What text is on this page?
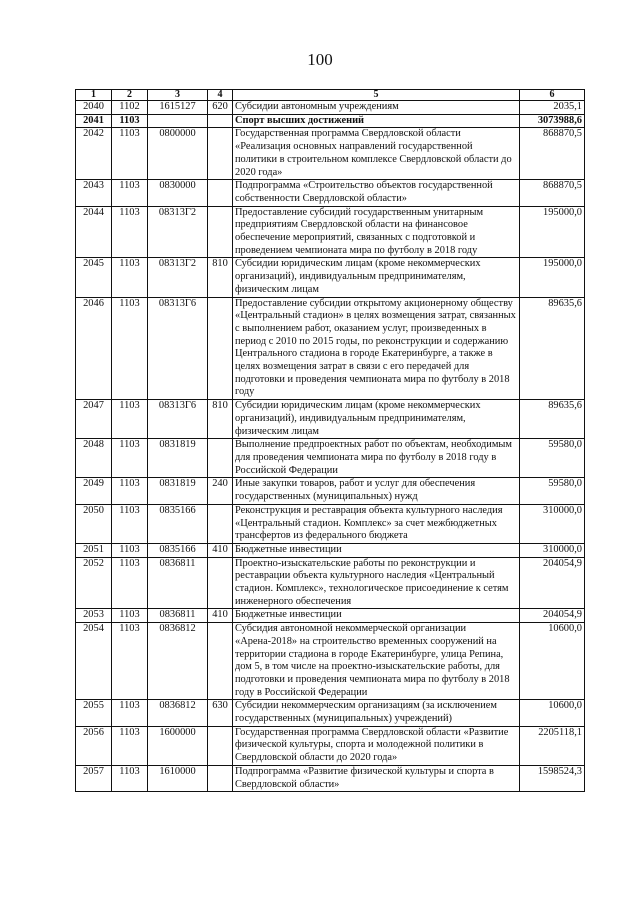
100
1	2	3	4	5	6
2040	1102	1615127	620	Субсидии автономным учреждениям	2035,1
2041	1103			Спорт высших достижений	3073988,6
2042	1103	0800000		Государственная программа Свердловской области «Реализация основных направлений государственной политики в строительном комплексе Свердловской области до 2020 года»	868870,5
2043	1103	0830000		Подпрограмма «Строительство объектов государственной собственности Свердловской области»	868870,5
2044	1103	08313Г2		Предоставление субсидий государственным унитарным предприятиям Свердловской области на финансовое обеспечение мероприятий, связанных с подготовкой и проведением чемпионата мира по футболу в 2018 году	195000,0
2045	1103	08313Г2	810	Субсидии юридическим лицам (кроме некоммерческих организаций), индивидуальным предпринимателям, физическим лицам	195000,0
2046	1103	08313Г6		Предоставление субсидии открытому акционерному обществу «Центральный стадион» в целях возмещения затрат, связанных с выполнением работ, оказанием услуг, произведенных в период с 2010 по 2015 годы, по реконструкции и содержанию Центрального стадиона в городе Екатеринбурге, а также в целях возмещения затрат в связи с его передачей для подготовки и проведения чемпионата мира по футболу в 2018 году	89635,6
2047	1103	08313Г6	810	Субсидии юридическим лицам (кроме некоммерческих организаций), индивидуальным предпринимателям, физическим лицам	89635,6
2048	1103	0831819		Выполнение предпроектных работ по объектам, необходимым для проведения чемпионата мира по футболу в 2018 году в Российской Федерации	59580,0
2049	1103	0831819	240	Иные закупки товаров, работ и услуг для обеспечения государственных (муниципальных) нужд	59580,0
2050	1103	0835166		Реконструкция и реставрация объекта культурного наследия «Центральный стадион. Комплекс» за счет межбюджетных трансфертов из федерального бюджета	310000,0
2051	1103	0835166	410	Бюджетные инвестиции	310000,0
2052	1103	0836811		Проектно-изыскательские работы по реконструкции и реставрации объекта культурного наследия «Центральный стадион. Комплекс», технологическое присоединение к сетям инженерного обеспечения	204054,9
2053	1103	0836811	410	Бюджетные инвестиции	204054,9
2054	1103	0836812		Субсидия автономной некоммерческой организации «Арена-2018» на строительство временных сооружений на территории стадиона в городе Екатеринбурге, улица Репина, дом 5, в том числе на проектно-изыскательские работы, для подготовки и проведения чемпионата мира по футболу в 2018 году в Российской Федерации	10600,0
2055	1103	0836812	630	Субсидии некоммерческим организациям (за исключением государственных (муниципальных) учреждений)	10600,0
2056	1103	1600000		Государственная программа Свердловской области «Развитие физической культуры, спорта и молодежной политики в Свердловской области до 2020 года»	2205118,1
2057	1103	1610000		Подпрограмма «Развитие физической культуры и спорта в Свердловской области»	1598524,3
